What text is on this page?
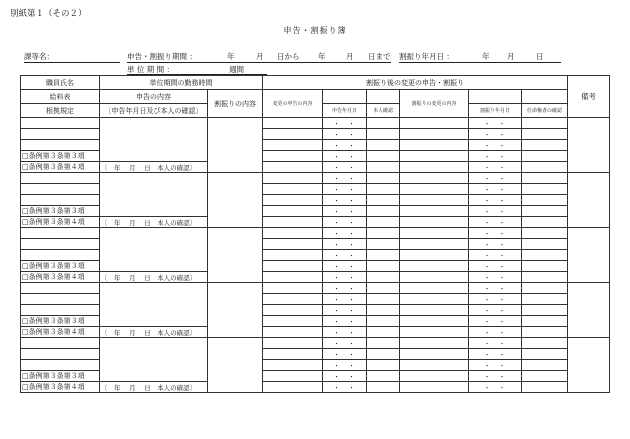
別紙第１（その２）
申告・割振り簿
課等名：	申告・割振り期間 ：	年	月 日から 年	月 日まで 割振り年月日 ：	年 月	日
単 位 期 間 ：	週間
職員氏名	単位期間の勤務時間		割振り後の変更の申告・割振り						備考
給料表	申告の内容	割振りの内容	変更の申告の内容			割振りの変更の内容			
根拠規定	〔申告年月日及び本人の確認〕			申告年月日	本人確認		割振り年月日	任命権者の確認	
				・　・			・　・		
				・　・			・　・		
				・　・			・　・		
□条例第３条第３項				・　・			・　・		
□条例第３条第４項	〔　年　 月　 日　本人の確認〕			・　・			・　・		
				・　・			・　・		
				・　・			・　・		
				・　・			・　・		
□条例第３条第３項				・　・			・　・		
□条例第３条第４項	〔　年　 月　 日　本人の確認〕			・　・			・　・		
				・　・			・　・		
				・　・			・　・		
				・　・			・　・		
□条例第３条第３項				・　・			・　・		
□条例第３条第４項	〔　年　 月　 日　本人の確認〕			・　・			・　・		
				・　・			・　・		
				・　・			・　・		
				・　・			・　・		
□条例第３条第３項				・　・			・　・		
□条例第３条第４項	〔　年　 月　 日　本人の確認〕			・　・			・　・		
				・　・			・　・		
				・　・			・　・		
				・　・			・　・		
□条例第３条第３項				・　・			・　・		
□条例第３条第４項	〔　年　 月　 日　本人の確認〕			・　・			・　・		
